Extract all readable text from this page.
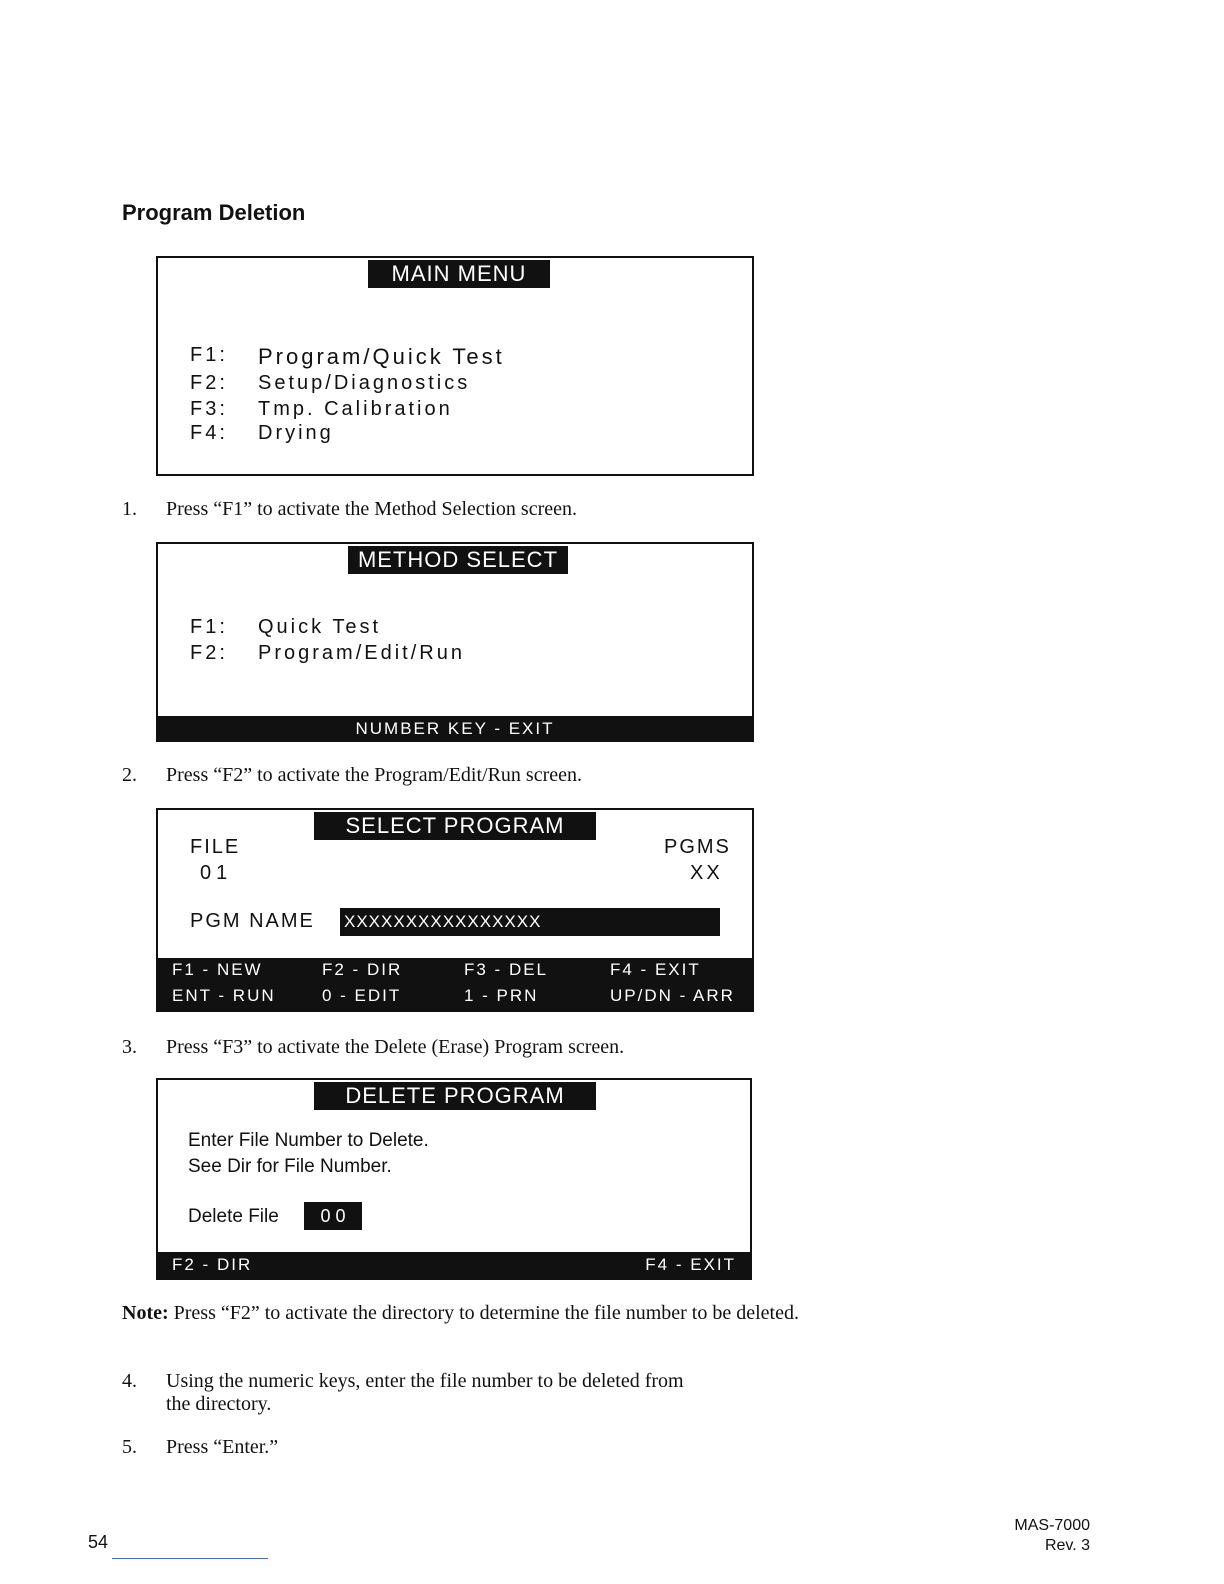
Program Deletion
MAIN MENU
F1: Program/Quick Test
F2: Setup/Diagnostics
F3: Tmp. Calibration
F4: Drying
1. Press “F1” to activate the Method Selection screen.
METHOD SELECT
F1: Quick Test
F2: Program/Edit/Run
NUMBER KEY - EXIT
2. Press “F2” to activate the Program/Edit/Run screen.
SELECT PROGRAM
FILE
01
PGMS
XX
PGM NAME XXXXXXXXXXXXXXXX
F1 - NEW	F2 - DIR	F3 - DEL	F4 - EXIT
ENT - RUN	0 - EDIT	1 - PRN	UP/DN - ARR
3. Press “F3” to activate the Delete (Erase) Program screen.
DELETE PROGRAM
Enter File Number to Delete.
See Dir for File Number.
Delete File	0 0
F2 - DIR	F4 - EXIT
Note: Press “F2” to activate the directory to determine the file number to be deleted.
4. Using the numeric keys, enter the file number to be deleted from
the directory.
5. Press “Enter.”
54
MAS-7000
Rev. 3
